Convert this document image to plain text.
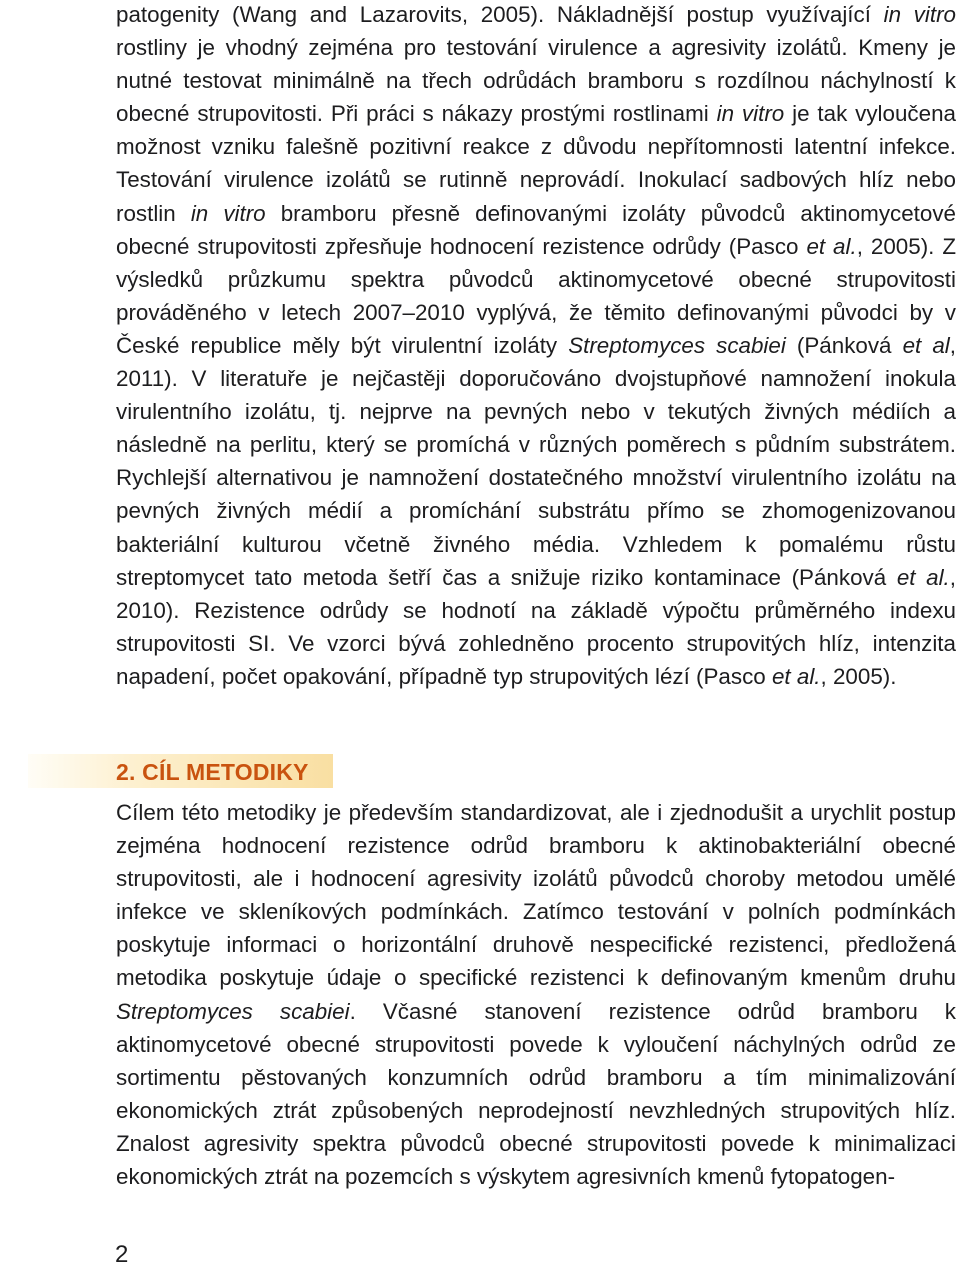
patogenity (Wang and Lazarovits, 2005). Nákladnější postup využívající in vitro rostliny je vhodný zejména pro testování virulence a agresivity izolátů. Kmeny je nutné testovat minimálně na třech odrůdách bramboru s rozdílnou náchylností k obecné strupovitosti. Při práci s nákazy prostými rostlinami in vitro je tak vyloučena možnost vzniku falešně pozitivní reakce z důvodu nepřítomnosti latentní infekce. Testování virulence izolátů se rutinně neprovádí. Inokulací sadbových hlíz nebo rostlin in vitro bramboru přesně definovanými izoláty původců aktinomycetové obecné strupovitosti zpřesňuje hodnocení rezistence odrůdy (Pasco et al., 2005). Z výsledků průzkumu spektra původců aktinomycetové obecné strupovitosti prováděného v letech 2007–2010 vyplývá, že těmito definovanými původci by v České republice měly být virulentní izoláty Streptomyces scabiei (Pánková et al, 2011). V literatuře je nejčastěji doporučováno dvojstupňové namnožení inokula virulentního izolátu, tj. nejprve na pevných nebo v tekutých živných médiích a následně na perlitu, který se promíchá v různých poměrech s půdním substrátem. Rychlejší alternativou je namnožení dostatečného množství virulentního izolátu na pevných živných médií a promíchání substrátu přímo se zhomogenizovanou bakteriální kulturou včetně živného média. Vzhledem k pomalému růstu streptomycet tato metoda šetří čas a snižuje riziko kontaminace (Pánková et al., 2010). Rezistence odrůdy se hodnotí na základě výpočtu průměrného indexu strupovitosti SI. Ve vzorci bývá zohledněno procento strupovitých hlíz, intenzita napadení, počet opakování, případně typ strupovitých lézí (Pasco et al., 2005).

2. CÍL METODIKY

Cílem této metodiky je především standardizovat, ale i zjednodušit a urychlit postup zejména hodnocení rezistence odrůd bramboru k aktinobakteriální obecné strupovitosti, ale i hodnocení agresivity izolátů původců choroby metodou umělé infekce ve skleníkových podmínkách. Zatímco testování v polních podmínkách poskytuje informaci o horizontální druhově nespecifické rezistenci, předložená metodika poskytuje údaje o specifické rezistenci k definovaným kmenům druhu Streptomyces scabiei. Včasné stanovení rezistence odrůd bramboru k aktinomycetové obecné strupovitosti povede k vyloučení náchylných odrůd ze sortimentu pěstovaných konzumních odrůd bramboru a tím minimalizování ekonomických ztrát způsobených neprodejností nevzhledných strupovitých hlíz. Znalost agresivity spektra původců obecné strupovitosti povede k minimalizaci ekonomických ztrát na pozemcích s výskytem agresivních kmenů fytopatogen-

2
